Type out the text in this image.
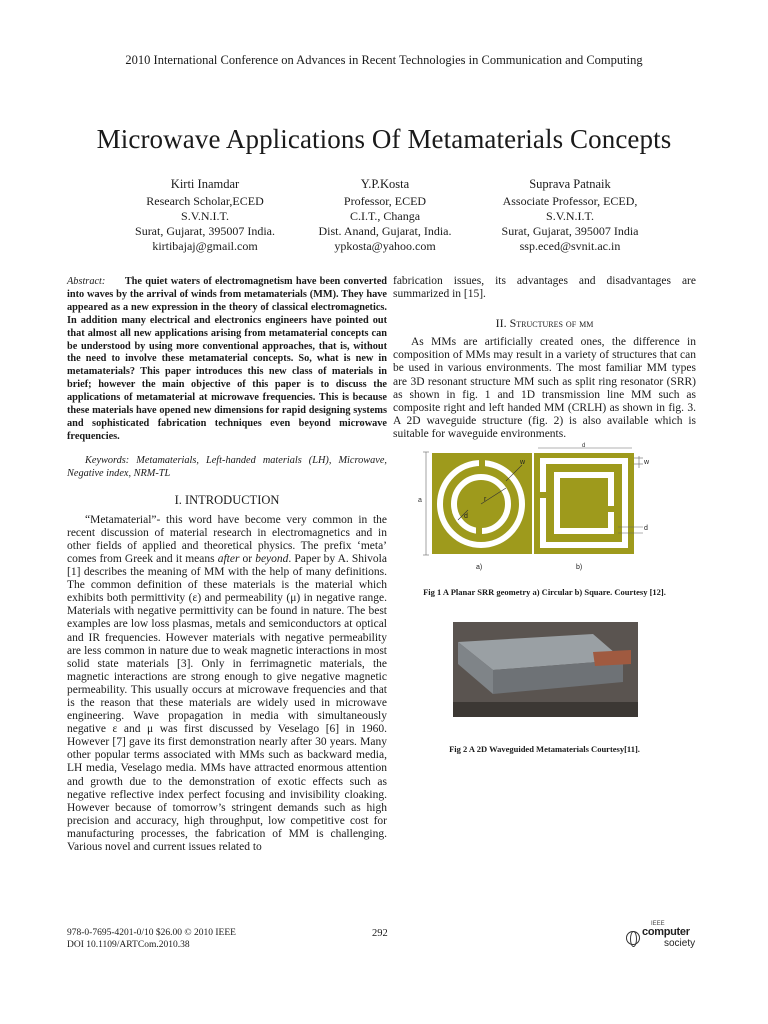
2010 International Conference on Advances in Recent Technologies in Communication and Computing
Microwave Applications Of Metamaterials Concepts
Kirti Inamdar
Research Scholar,ECED
S.V.N.I.T.
Surat, Gujarat, 395007 India.
kirtibajaj@gmail.com
Y.P.Kosta
Professor, ECED
C.I.T., Changa
Dist. Anand, Gujarat, India.
ypkosta@yahoo.com
Suprava Patnaik
Associate Professor, ECED,
S.V.N.I.T.
Surat, Gujarat, 395007 India
ssp.eced@svnit.ac.in

Abstract: The quiet waters of electromagnetism have been converted into waves by the arrival of winds from metamaterials (MM). They have appeared as a new expression in the theory of classical electromagnetics. In addition many electrical and electronics engineers have pointed out that almost all new applications arising from metamaterial concepts can be understood by using more conventional approaches, that is, without the need to involve these metamaterial concepts. So, what is new in metamaterials? This paper introduces this new class of materials in brief; however the main objective of this paper is to discuss the applications of metamaterial at microwave frequencies. This is because these materials have opened new dimensions for rapid designing systems and sophisticated fabrication techniques even beyond microwave frequencies.

Keywords: Metamaterials, Left-handed materials (LH), Microwave, Negative index, NRM-TL

I. INTRODUCTION

“Metamaterial”- this word have become very common in the recent discussion of material research in electromagnetics and in other fields of applied and theoretical physics. The prefix ‘meta’ comes from Greek and it means after or beyond. Paper by A. Shivola [1] describes the meaning of MM with the help of many definitions. The common definition of these materials is the material which exhibits both permittivity (ε) and permeability (μ) in negative range. Materials with negative permittivity can be found in nature. The best examples are low loss plasmas, metals and semiconductors at optical and IR frequencies. However materials with negative permeability are less common in nature due to weak magnetic interactions in most solid state materials [3]. Only in ferrimagnetic materials, the magnetic interactions are strong enough to give negative magnetic permeability. This usually occurs at microwave frequencies and that is the reason that these materials are widely used in microwave engineering. Wave propagation in media with simultaneously negative ε and μ was first discussed by Veselago [6] in 1960. However [7] gave its first demonstration nearly after 30 years. Many other popular terms associated with MMs such as backward media, LH media, Veselago media. MMs have attracted enormous attention and growth due to the demonstration of exotic effects such as negative reflective index perfect focusing and invisibility cloaking. However because of tomorrow’s stringent demands such as high precision and accuracy, high throughput, low competitive cost for manufacturing processes, the fabrication of MM is challenging. Various novel and current issues related to

fabrication issues, its advantages and disadvantages are summarized in [15].

II. Structures of mm

As MMs are artificially created ones, the difference in composition of MMs may result in a variety of structures that can be used in various environments. The most familiar MM types are 3D resonant structure MM such as split ring resonator (SRR) as shown in fig. 1 and 1D transmission line MM such as composite right and left handed MM (CRLH) as shown in fig. 3. A 2D waveguide structure (fig. 2) is also available which is suitable for waveguide environments.

a	r
w
d
d
w
d
a)	b)
Fig 1 A Planar SRR geometry a) Circular b) Square. Courtesy [12].
Fig 2 A 2D Waveguided Metamaterials Courtesy[11].
978-0-7695-4201-0/10 $26.00 © 2010 IEEE
DOI 10.1109/ARTCom.2010.38
292
IEEE
computer
society
